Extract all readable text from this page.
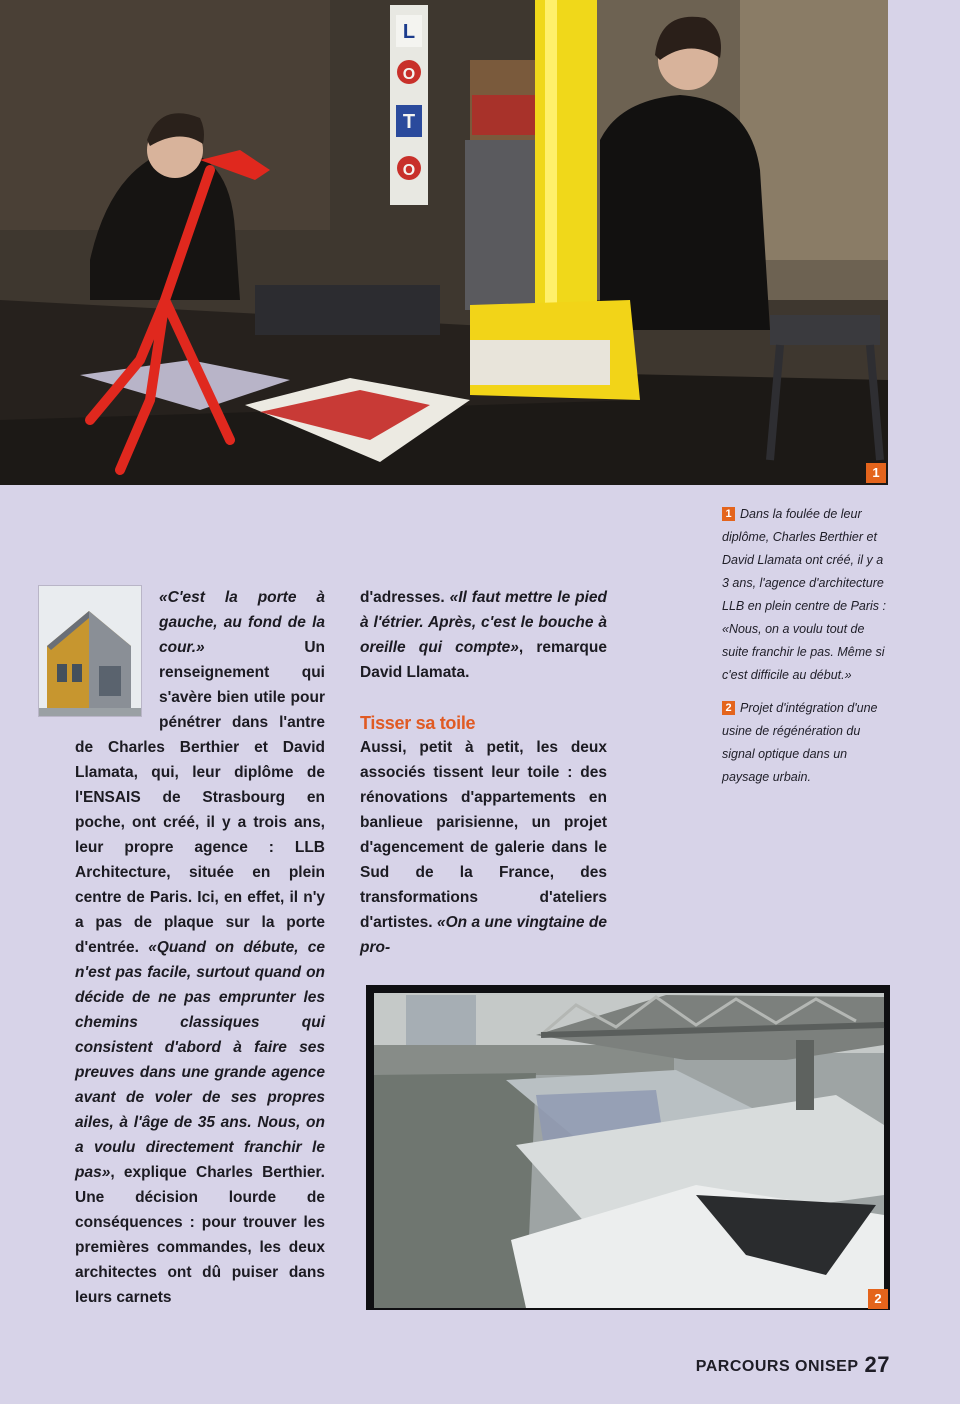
L
O
T
O
1

1 Dans la foulée de leur diplôme, Charles Berthier et David Llamata ont créé, il y a 3 ans, l'agence d'architecture LLB en plein centre de Paris : «Nous, on a voulu tout de suite franchir le pas. Même si c'est difficile au début.»

2 Projet d'intégration d'une usine de régénération du signal optique dans un paysage urbain.

«C'est la porte à gauche, au fond de la cour.» Un renseignement qui s'avère bien utile pour pénétrer dans l'antre de Charles Berthier et David Llamata, qui, leur diplôme de l'ENSAIS de Strasbourg en poche, ont créé, il y a trois ans, leur propre agence : LLB Architecture, située en plein centre de Paris. Ici, en effet, il n'y a pas de plaque sur la porte d'entrée. «Quand on débute, ce n'est pas facile, surtout quand on décide de ne pas emprunter les chemins classiques qui consistent d'abord à faire ses preuves dans une grande agence avant de voler de ses propres ailes, à l'âge de 35 ans. Nous, on a voulu directement franchir le pas», explique Charles Berthier. Une décision lourde de conséquences : pour trouver les premières commandes, les deux architectes ont dû puiser dans leurs carnets

d'adresses. «Il faut mettre le pied à l'étrier. Après, c'est le bouche à oreille qui compte», remarque David Llamata.

Tisser sa toile

Aussi, petit à petit, les deux associés tissent leur toile : des rénovations d'appartements en banlieue parisienne, un projet d'agencement de galerie dans le Sud de la France, des transformations d'ateliers d'artistes. «On a une vingtaine de pro-

2
PARCOURS ONISEP 27
